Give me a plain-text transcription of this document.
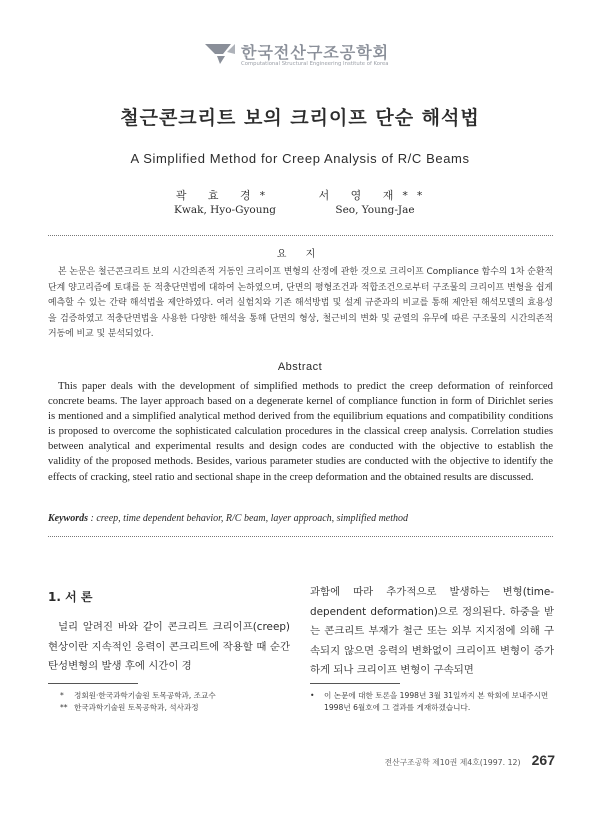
한국전산구조공학회
Computational Structural Engineering Institute of Korea
철근콘크리트 보의 크리이프 단순 해석법
A Simplified Method for Creep Analysis of R/C Beams
곽 효 경*
Kwak, Hyo-Gyoung
서 영 재**
Seo, Young-Jae
요 지
본 논문은 철근콘크리트 보의 시간의존적 거동인 크리이프 변형의 산정에 관한 것으로 크리이프 Compliance 함수의 1차 순환적 단계 양고리즘에 토대를 둔 적충단면법에 대하여 논하였으며, 단면의 평형조건과 적합조건으로부터 구조물의 크리이프 변형을 쉽게 예측할 수 있는 간략 해석법을 제안하였다. 여러 실험치와 기존 해석방법 및 설계 규준과의 비교를 통해 제안된 해석모델의 효용성을 검증하였고 적충단면법을 사용한 다양한 해석을 통해 단면의 형상, 철근비의 변화 및 균열의 유무에 따른 구조물의 시간의존적 거동에 비교 및 분석되었다.
Abstract
This paper deals with the development of simplified methods to predict the creep deformation of reinforced concrete beams. The layer approach based on a degenerate kernel of compliance function in form of Dirichlet series is mentioned and a simplified analytical method derived from the equilibrium equations and compatibility conditions is proposed to overcome the sophisticated calculation procedures in the classical creep analysis. Correlation studies between analytical and experimental results and design codes are conducted with the objective to establish the validity of the proposed methods. Besides, various parameter studies are conducted with the objective to identify the effects of cracking, steel ratio and sectional shape in the creep deformation and the obtained results are discussed.
Keywords : creep, time dependent behavior, R/C beam, layer approach, simplified method
1. 서 론
널리 알려진 바와 같이 콘크리트 크리이프(creep) 현상이란 지속적인 응력이 콘크리트에 작용할 때 순간 탄성변형의 발생 후에 시간이 경
과함에 따라 추가적으로 발생하는 변형(time-dependent deformation)으로 정의된다. 하중을 받는 콘크리트 부재가 철근 또는 외부 지지점에 의해 구속되지 않으면 응력의 변화없이 크리이프 변형이 증가하게 되나 크리이프 변형이 구속되면
*	정회원·한국과학기술원 토목공학과, 조교수
** 한국과학기술원 토목공학과, 석사과정
•	이 논문에 대한 토론을 1998년 3월 31일까지 본 학회에 보내주시면 1998년 6월호에 그 결과를 게재하겠습니다.
전산구조공학 제10권 제4호(1997. 12) 267
